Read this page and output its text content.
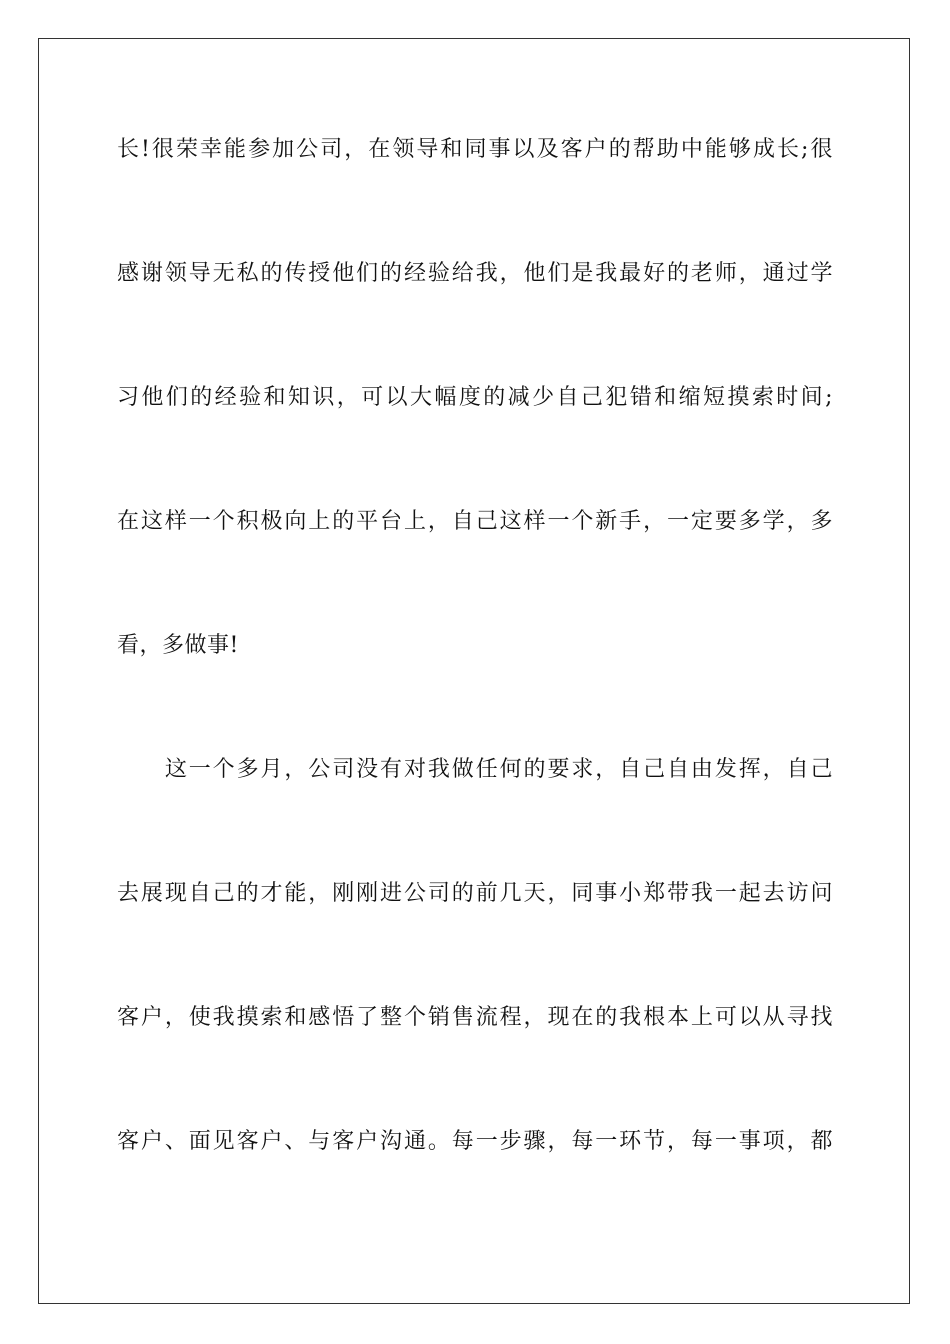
长!很荣幸能参加公司，在领导和同事以及客户的帮助中能够成长;很
感谢领导无私的传授他们的经验给我，他们是我最好的老师，通过学
习他们的经验和知识，可以大幅度的减少自己犯错和缩短摸索时间;
在这样一个积极向上的平台上，自己这样一个新手，一定要多学，多
看，多做事!
　　这一个多月，公司没有对我做任何的要求，自己自由发挥，自己
去展现自己的才能，刚刚进公司的前几天，同事小郑带我一起去访问
客户，使我摸索和感悟了整个销售流程，现在的我根本上可以从寻找
客户、面见客户、与客户沟通。每一步骤，每一环节，每一事项，都
